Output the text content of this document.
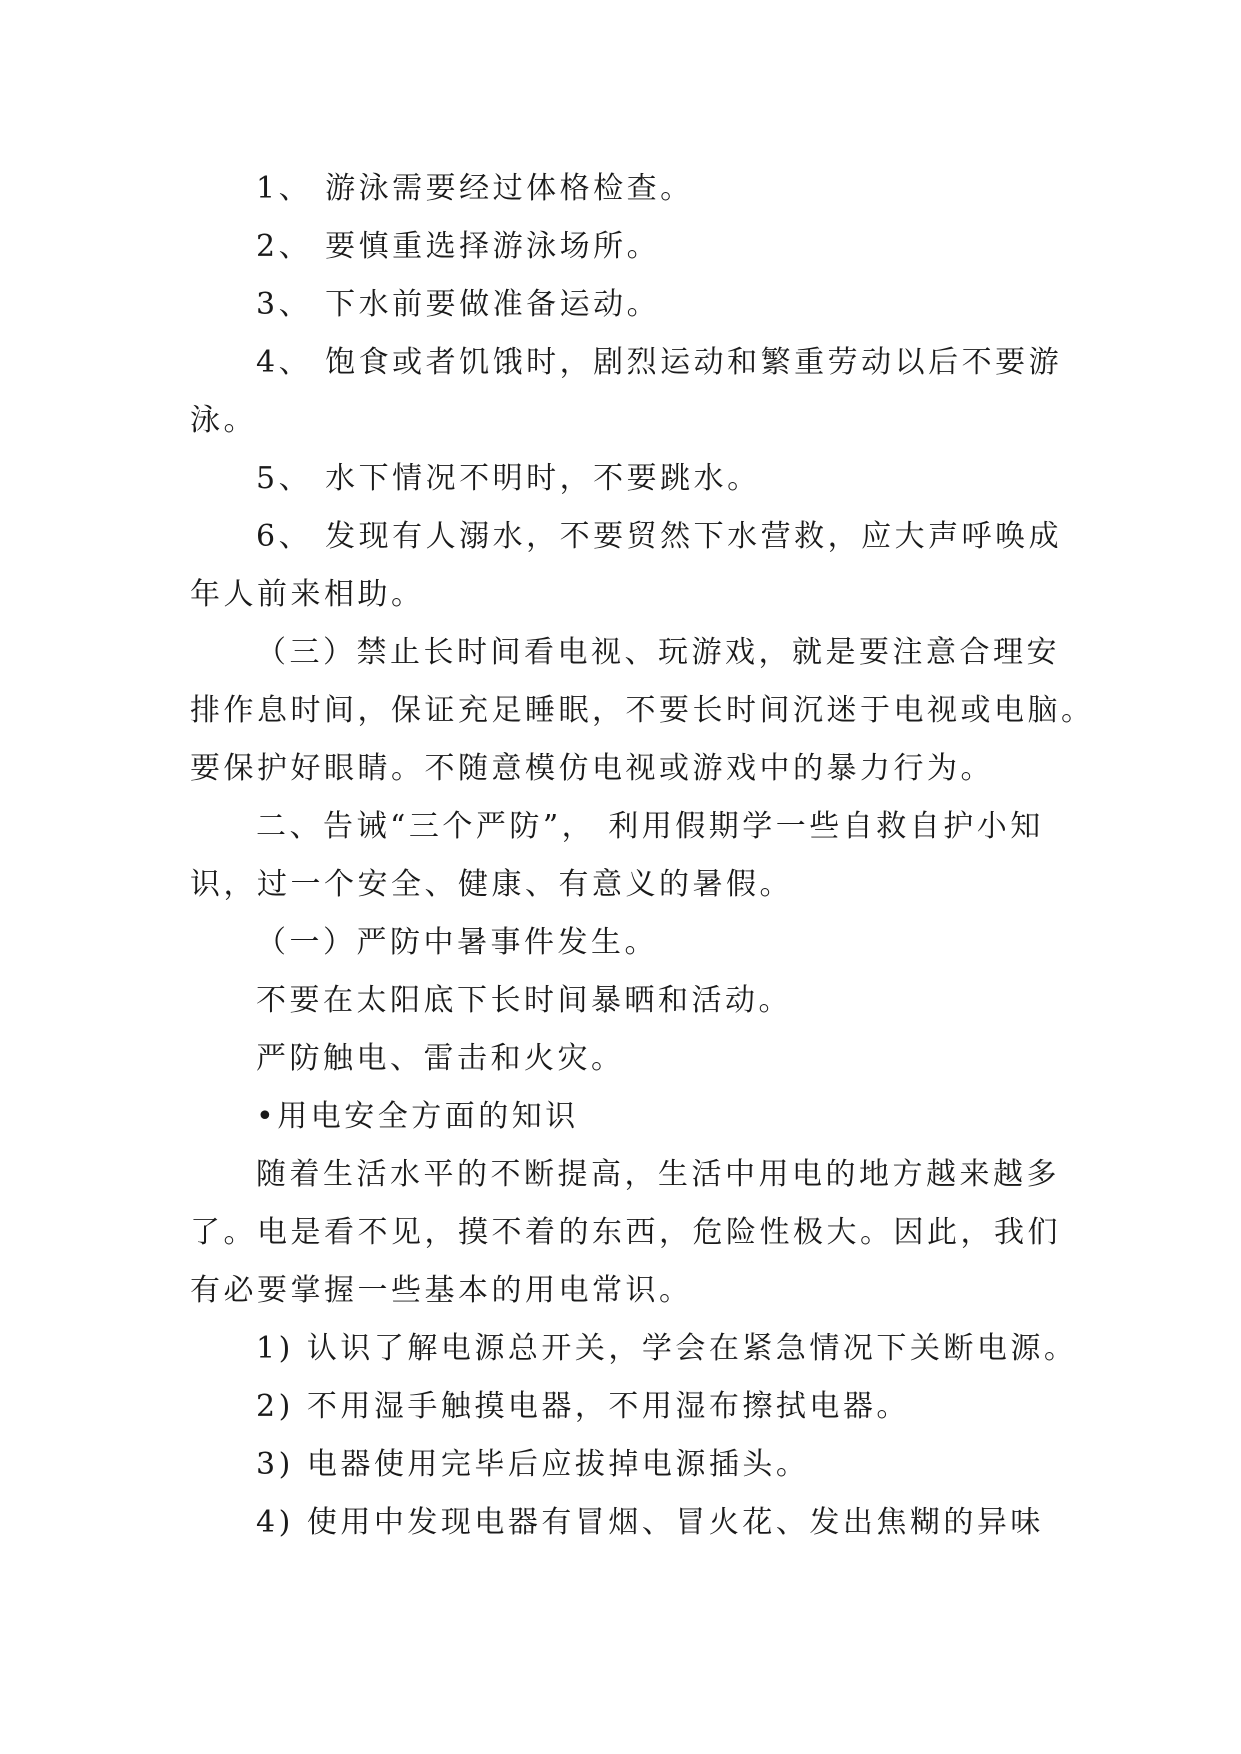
1、 游泳需要经过体格检查。
2、 要慎重选择游泳场所。
3、 下水前要做准备运动。
4、 饱食或者饥饿时，剧烈运动和繁重劳动以后不要游
泳。
5、 水下情况不明时，不要跳水。
6、 发现有人溺水，不要贸然下水营救，应大声呼唤成
年人前来相助。
（三）禁止长时间看电视、玩游戏，就是要注意合理安
排作息时间，保证充足睡眠，不要长时间沉迷于电视或电脑。
要保护好眼睛。不随意模仿电视或游戏中的暴力行为。
二、告诫“三个严防”， 利用假期学一些自救自护小知
识，过一个安全、健康、有意义的暑假。
（一）严防中暑事件发生。
不要在太阳底下长时间暴晒和活动。
严防触电、雷击和火灾。
•用电安全方面的知识
随着生活水平的不断提高，生活中用电的地方越来越多
了。电是看不见，摸不着的东西，危险性极大。因此，我们
有必要掌握一些基本的用电常识。
1) 认识了解电源总开关，学会在紧急情况下关断电源。
2) 不用湿手触摸电器，不用湿布擦拭电器。
3) 电器使用完毕后应拔掉电源插头。
4) 使用中发现电器有冒烟、冒火花、发出焦糊的异味
